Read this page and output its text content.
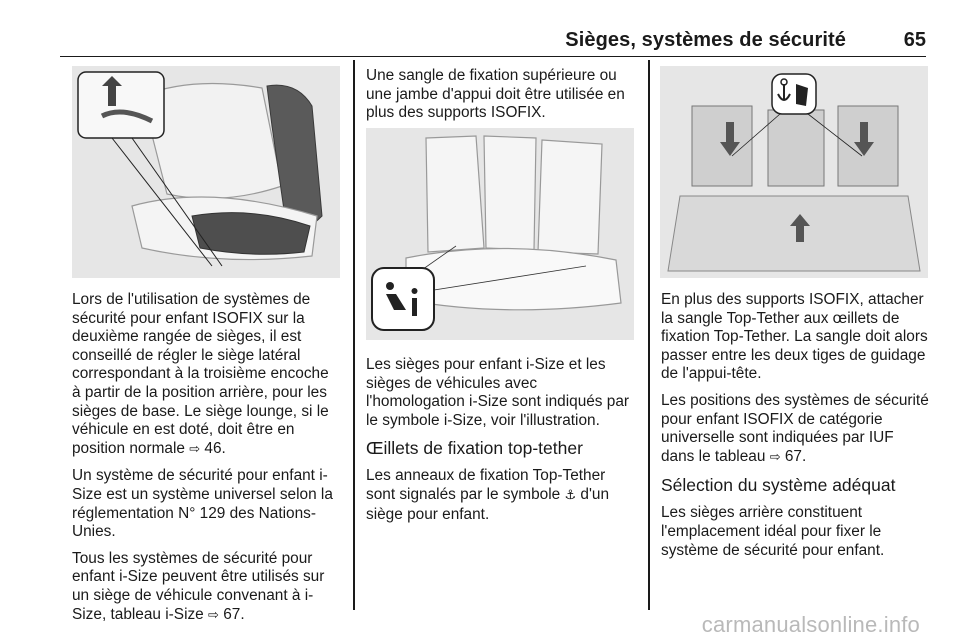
Sièges, systèmes de sécurité	65

Lors de l'utilisation de systèmes de sécurité pour enfant ISOFIX sur la deuxième rangée de sièges, il est conseillé de régler le siège latéral correspondant à la troisième encoche à partir de la position arrière, pour les sièges de base. Le siège lounge, si le véhicule en est doté, doit être en position normale ⇨ 46.

Un système de sécurité pour enfant i-Size est un système universel selon la réglementation N° 129 des Nations-Unies.

Tous les systèmes de sécurité pour enfant i-Size peuvent être utilisés sur un siège de véhicule convenant à i-Size, tableau i-Size ⇨ 67.

Une sangle de fixation supérieure ou une jambe d'appui doit être utilisée en plus des supports ISOFIX.

Les sièges pour enfant i-Size et les sièges de véhicules avec l'homologation i-Size sont indiqués par le symbole i-Size, voir l'illustration.

Œillets de fixation top-tether

Les anneaux de fixation Top-Tether sont signalés par le symbole ⚓ d'un siège pour enfant.

En plus des supports ISOFIX, attacher la sangle Top-Tether aux œillets de fixation Top-Tether. La sangle doit alors passer entre les deux tiges de guidage de l'appui-tête.

Les positions des systèmes de sécurité pour enfant ISOFIX de catégorie universelle sont indiquées par IUF dans le tableau ⇨ 67.

Sélection du système adéquat

Les sièges arrière constituent l'emplacement idéal pour fixer le système de sécurité pour enfant.

carmanualsonline.info
